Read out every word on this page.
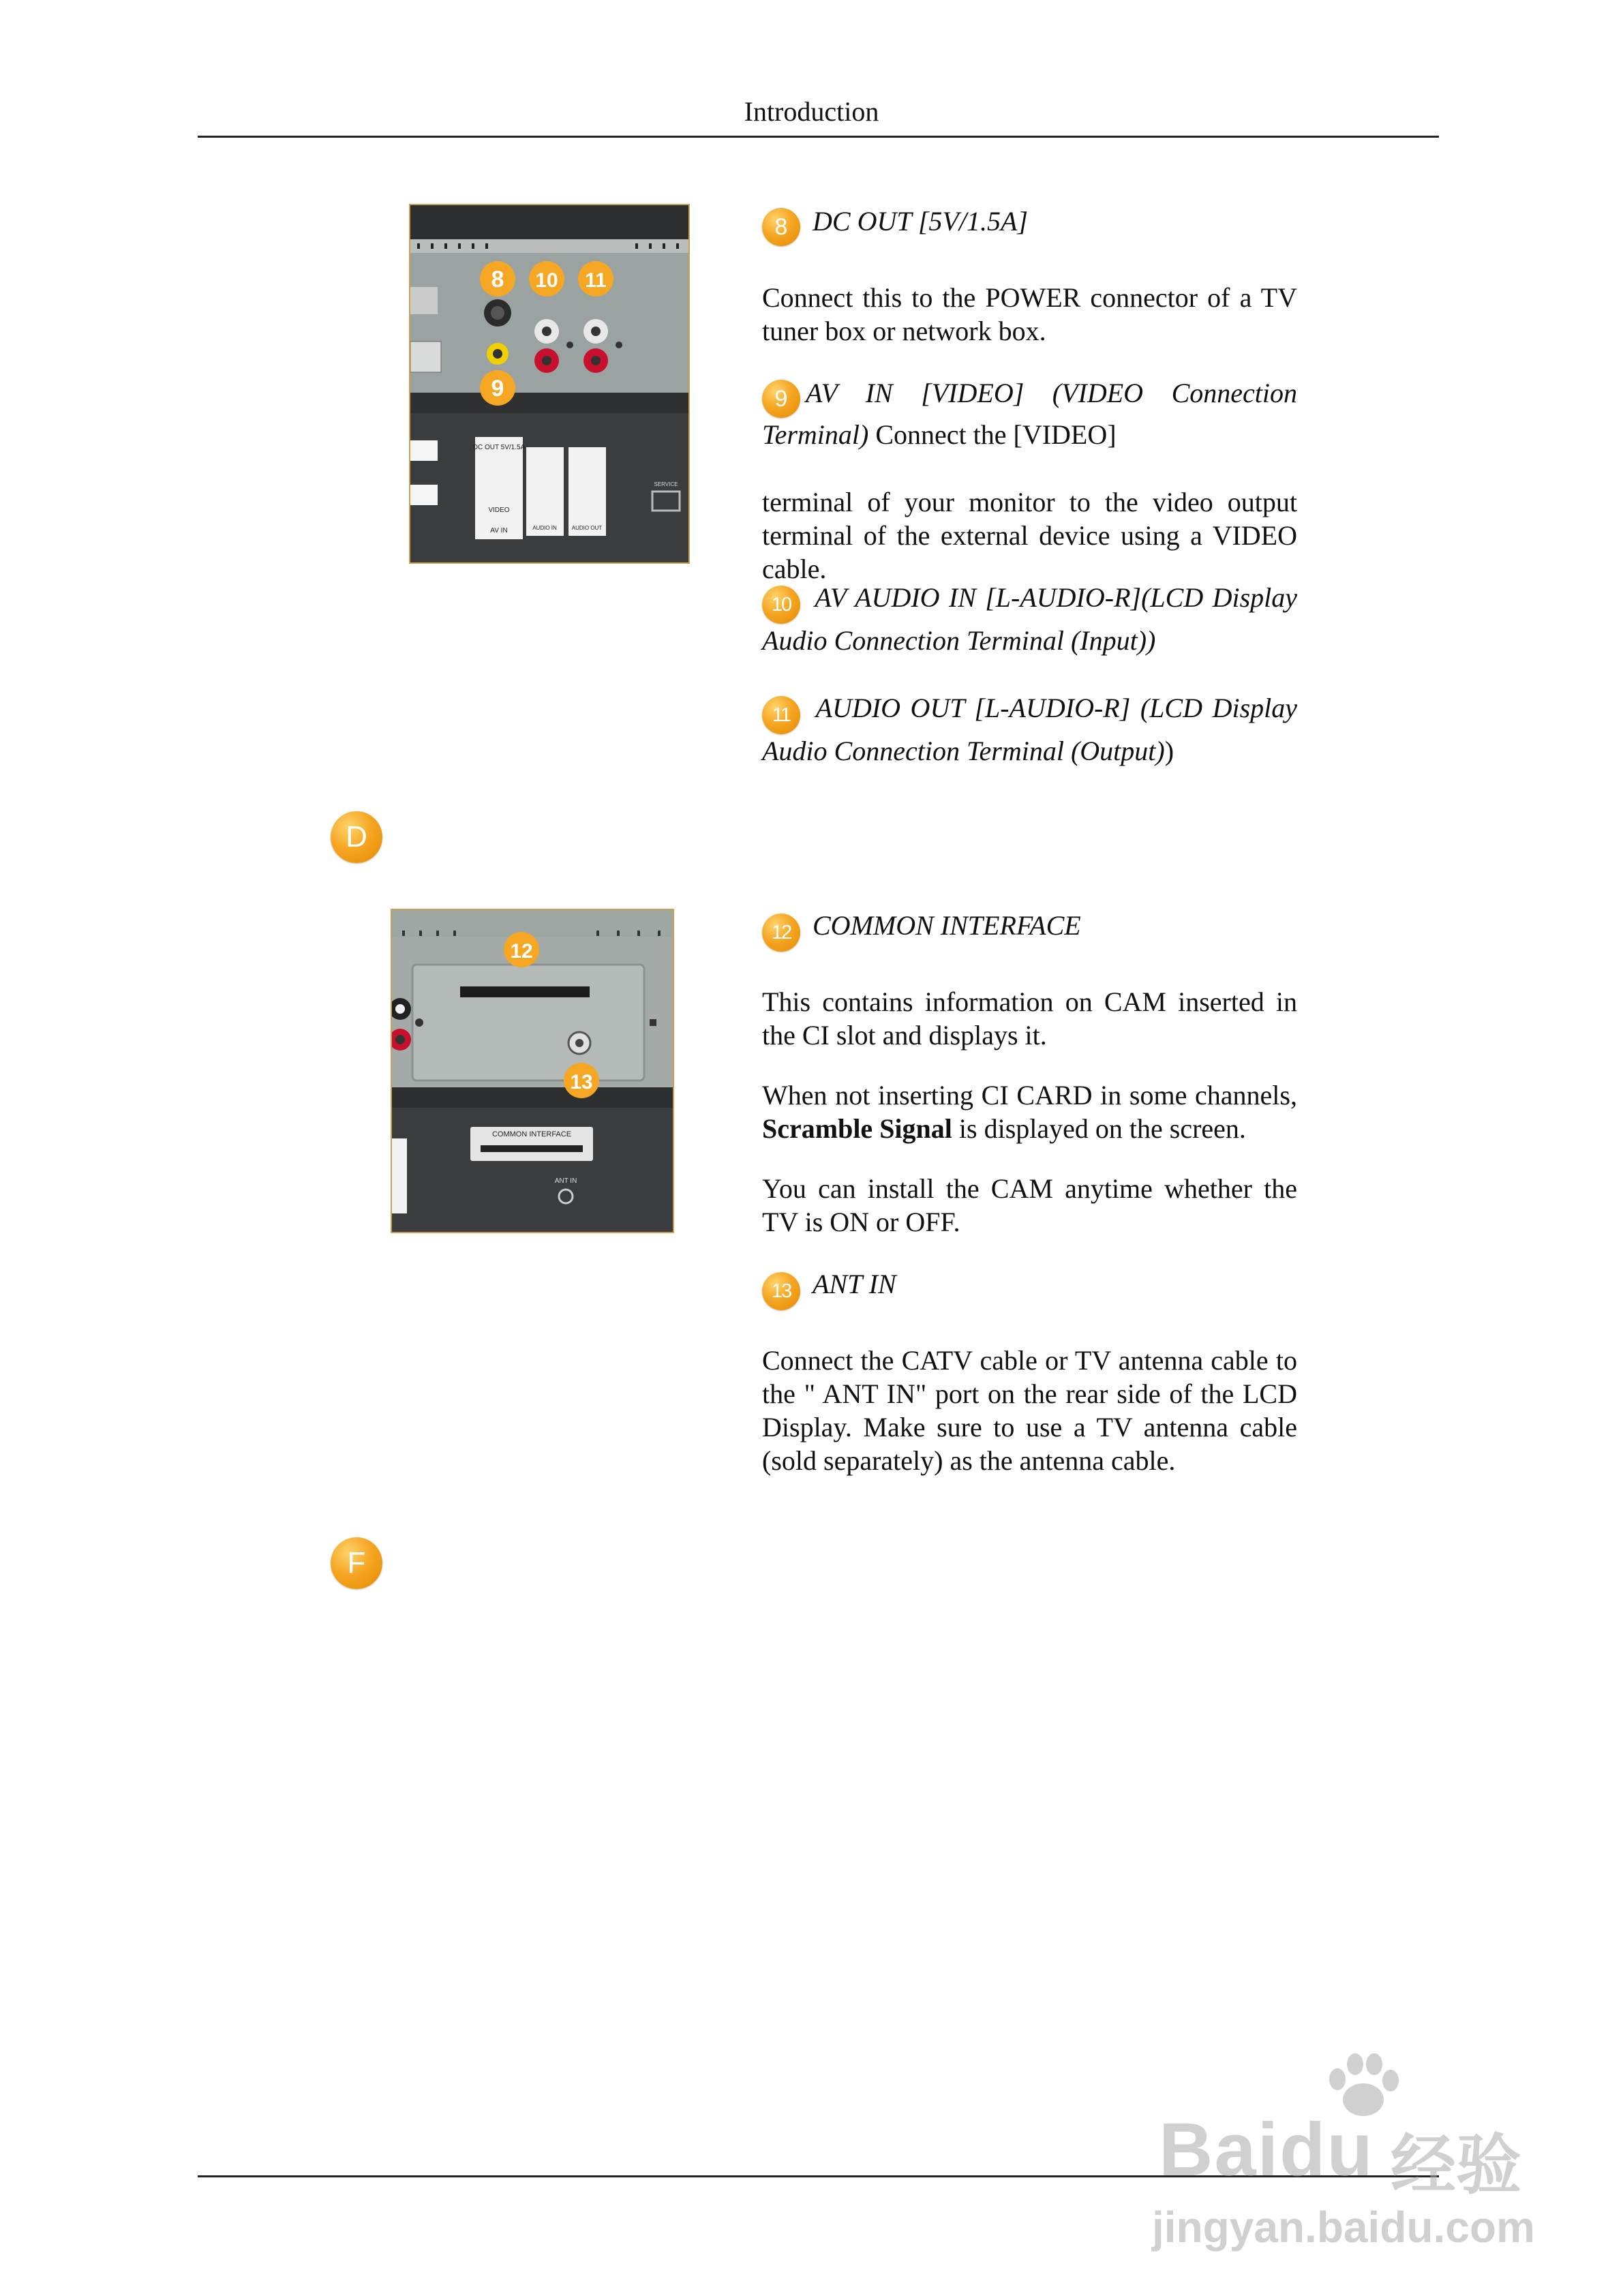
Introduction
DC OUT 5V/1.5A
VIDEO
AV IN	AUDIO IN	AUDIO OUT
SERVICE
8 10 11
9
COMMON INTERFACE
ANT IN
12
13
D
F

8 DC OUT [5V/1.5A]

Connect this to the POWER connector of a TV tuner box or network box.

9 AV IN [VIDEO] (VIDEO Connection Terminal) Connect the [VIDEO]

terminal of your monitor to the video output terminal of the external device using a VIDEO cable.

10 AV AUDIO IN [L-AUDIO-R](LCD Display Audio Connection Terminal (Input))

11 AUDIO OUT [L-AUDIO-R] (LCD Display Audio Connection Terminal (Output))

12 COMMON INTERFACE

This contains information on CAM inserted in the CI slot and displays it.

When not inserting CI CARD in some channels, Scramble Signal is displayed on the screen.

You can install the CAM anytime whether the TV is ON or OFF.

13 ANT IN

Connect the CATV cable or TV antenna cable to the " ANT IN" port on the rear side of the LCD Display. Make sure to use a TV antenna cable (sold separately) as the antenna cable.

Baidu 经验
jingyan.baidu.com
